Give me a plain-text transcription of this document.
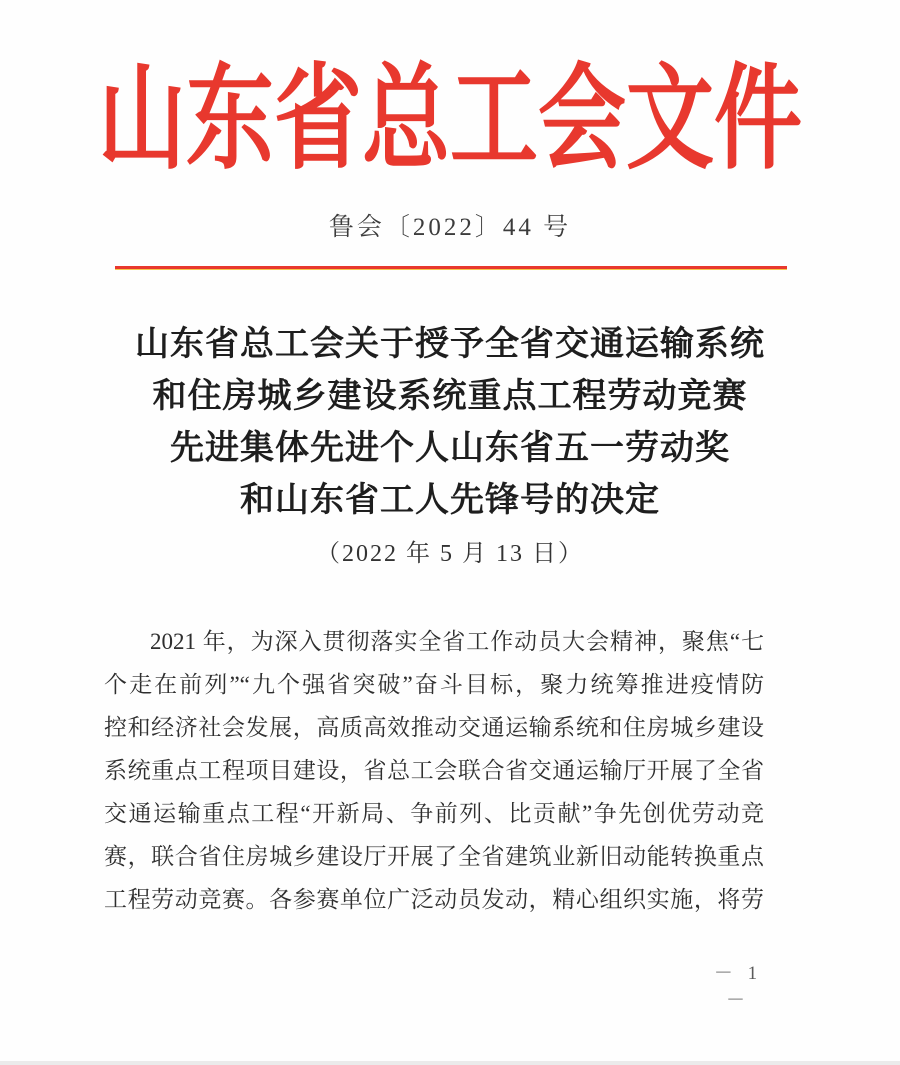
山东省总工会文件
鲁会〔2022〕44 号
山东省总工会关于授予全省交通运输系统
和住房城乡建设系统重点工程劳动竞赛
先进集体先进个人山东省五一劳动奖
和山东省工人先锋号的决定
（2022 年 5 月 13 日）
2021 年，为深入贯彻落实全省工作动员大会精神，聚焦“七
个走在前列”“九个强省突破”奋斗目标，聚力统筹推进疫情防
控和经济社会发展，高质高效推动交通运输系统和住房城乡建设
系统重点工程项目建设，省总工会联合省交通运输厅开展了全省
交通运输重点工程“开新局、争前列、比贡献”争先创优劳动竞
赛，联合省住房城乡建设厅开展了全省建筑业新旧动能转换重点
工程劳动竞赛。各参赛单位广泛动员发动，精心组织实施，将劳
－ 1 －
